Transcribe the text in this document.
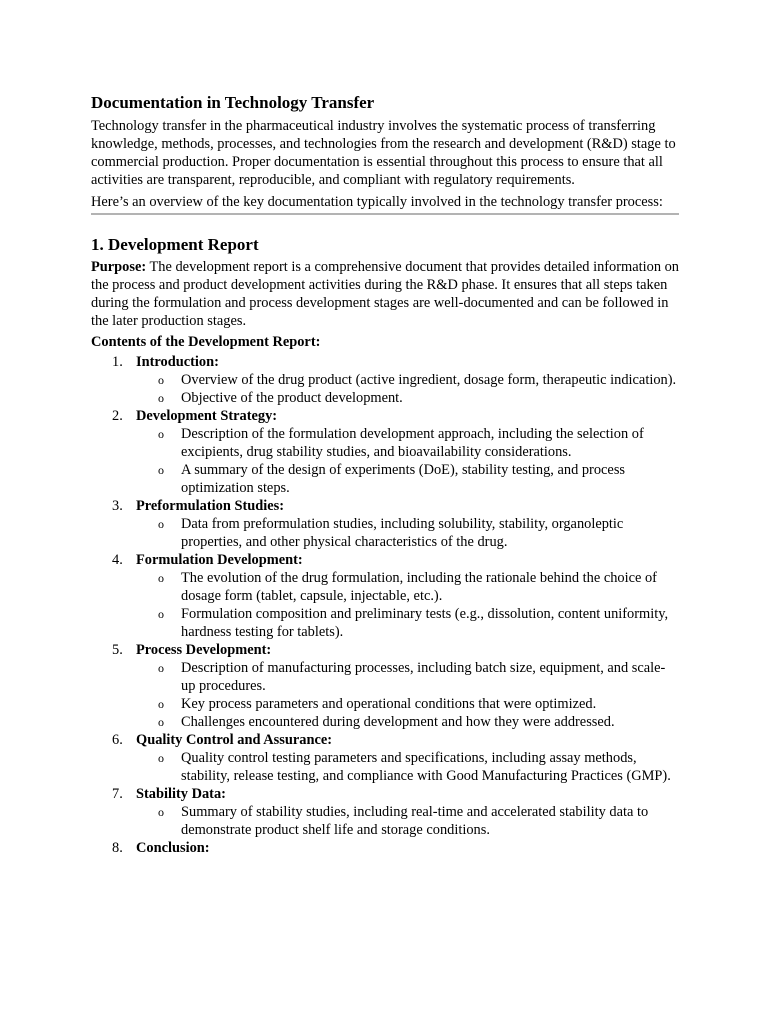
Documentation in Technology Transfer

Technology transfer in the pharmaceutical industry involves the systematic process of transferring knowledge, methods, processes, and technologies from the research and development (R&D) stage to commercial production. Proper documentation is essential throughout this process to ensure that all activities are transparent, reproducible, and compliant with regulatory requirements.

Here’s an overview of the key documentation typically involved in the technology transfer process:

1. Development Report

Purpose: The development report is a comprehensive document that provides detailed information on the process and product development activities during the R&D phase. It ensures that all steps taken during the formulation and process development stages are well-documented and can be followed in the later production stages.

Contents of the Development Report:
1. Introduction:
o Overview of the drug product (active ingredient, dosage form, therapeutic indication).
o Objective of the product development.
2. Development Strategy:
o Description of the formulation development approach, including the selection of excipients, drug stability studies, and bioavailability considerations.
o A summary of the design of experiments (DoE), stability testing, and process optimization steps.
3. Preformulation Studies:
o Data from preformulation studies, including solubility, stability, organoleptic properties, and other physical characteristics of the drug.
4. Formulation Development:
o The evolution of the drug formulation, including the rationale behind the choice of dosage form (tablet, capsule, injectable, etc.).
o Formulation composition and preliminary tests (e.g., dissolution, content uniformity, hardness testing for tablets).
5. Process Development:
o Description of manufacturing processes, including batch size, equipment, and scale-up procedures.
o Key process parameters and operational conditions that were optimized.
o Challenges encountered during development and how they were addressed.
6. Quality Control and Assurance:
o Quality control testing parameters and specifications, including assay methods, stability, release testing, and compliance with Good Manufacturing Practices (GMP).
7. Stability Data:
o Summary of stability studies, including real-time and accelerated stability data to demonstrate product shelf life and storage conditions.
8. Conclusion:
